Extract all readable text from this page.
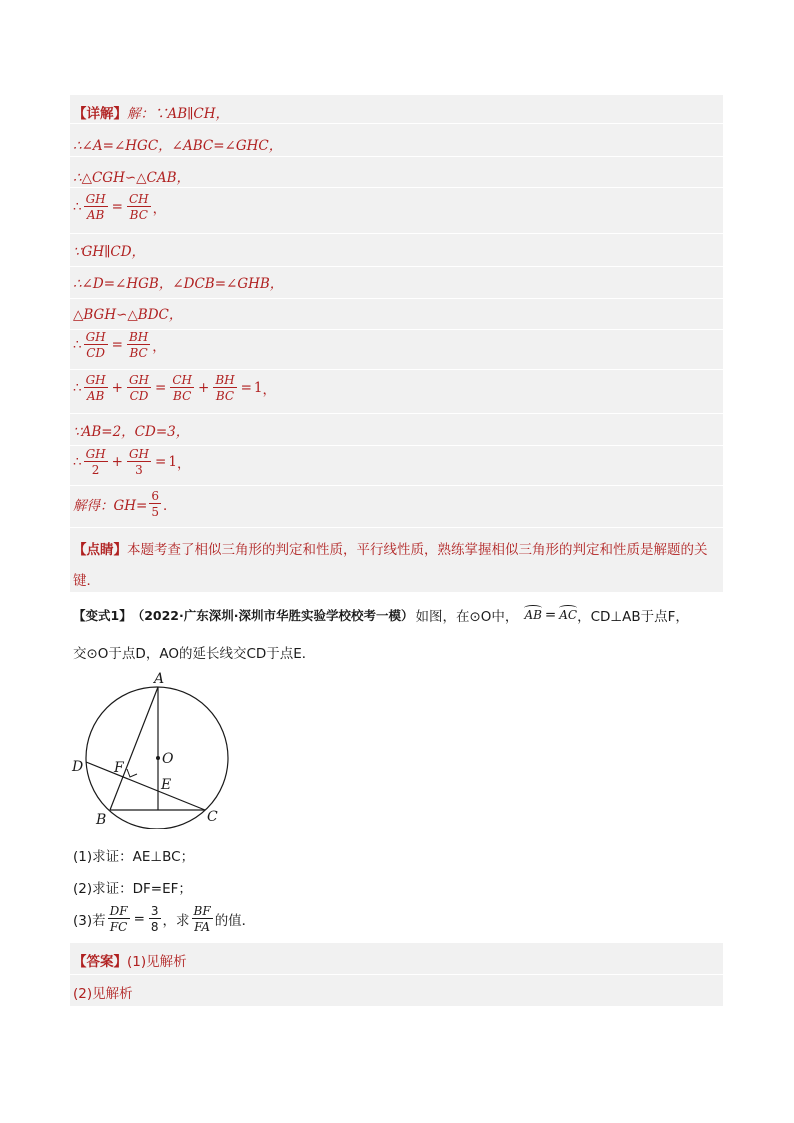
【详解】 解：∵AB∥CH，
∴∠A=∠HGC，∠ABC=∠GHC，
∴△CGH∽△CAB，
∴ $\frac{GH}{AB} = \frac{CH}{BC}$ ，
∵GH∥CD，
∴∠D=∠HGB，∠DCB=∠GHB，
△BGH∽△BDC，
∴ $\frac{GH}{CD} = \frac{BH}{BC}$ ，
∴ $\frac{GH}{AB} + \frac{GH}{CD} = \frac{CH}{BC} + \frac{BH}{BC} = 1$ ，
∵AB=2，CD=3，
∴ $\frac{GH}{2} + \frac{GH}{3} = 1$ ，
解得：$GH= \frac{6}{5}$ ．
【点睛】本题考查了相似三角形的判定和性质，平行线性质，熟练掌握相似三角形的判定和性质是解题的关键．
【变式1】 （2022·广东深圳·深圳市华胜实验学校校考一模） 如图，在⊙O中， AB = AC ，CD⊥AB于点F，
交⊙O于点D，AO的延长线交CD于点E．
A
B	C
D
E
F
O
(1)求证：AE⊥BC；
(2)求证：DF=EF；
(3)若 $\frac{DF}{FC} = \frac{3}{8}$ ，求 $\frac{BF}{FA}$ 的值．
【答案】(1)见解析
(2)见解析
